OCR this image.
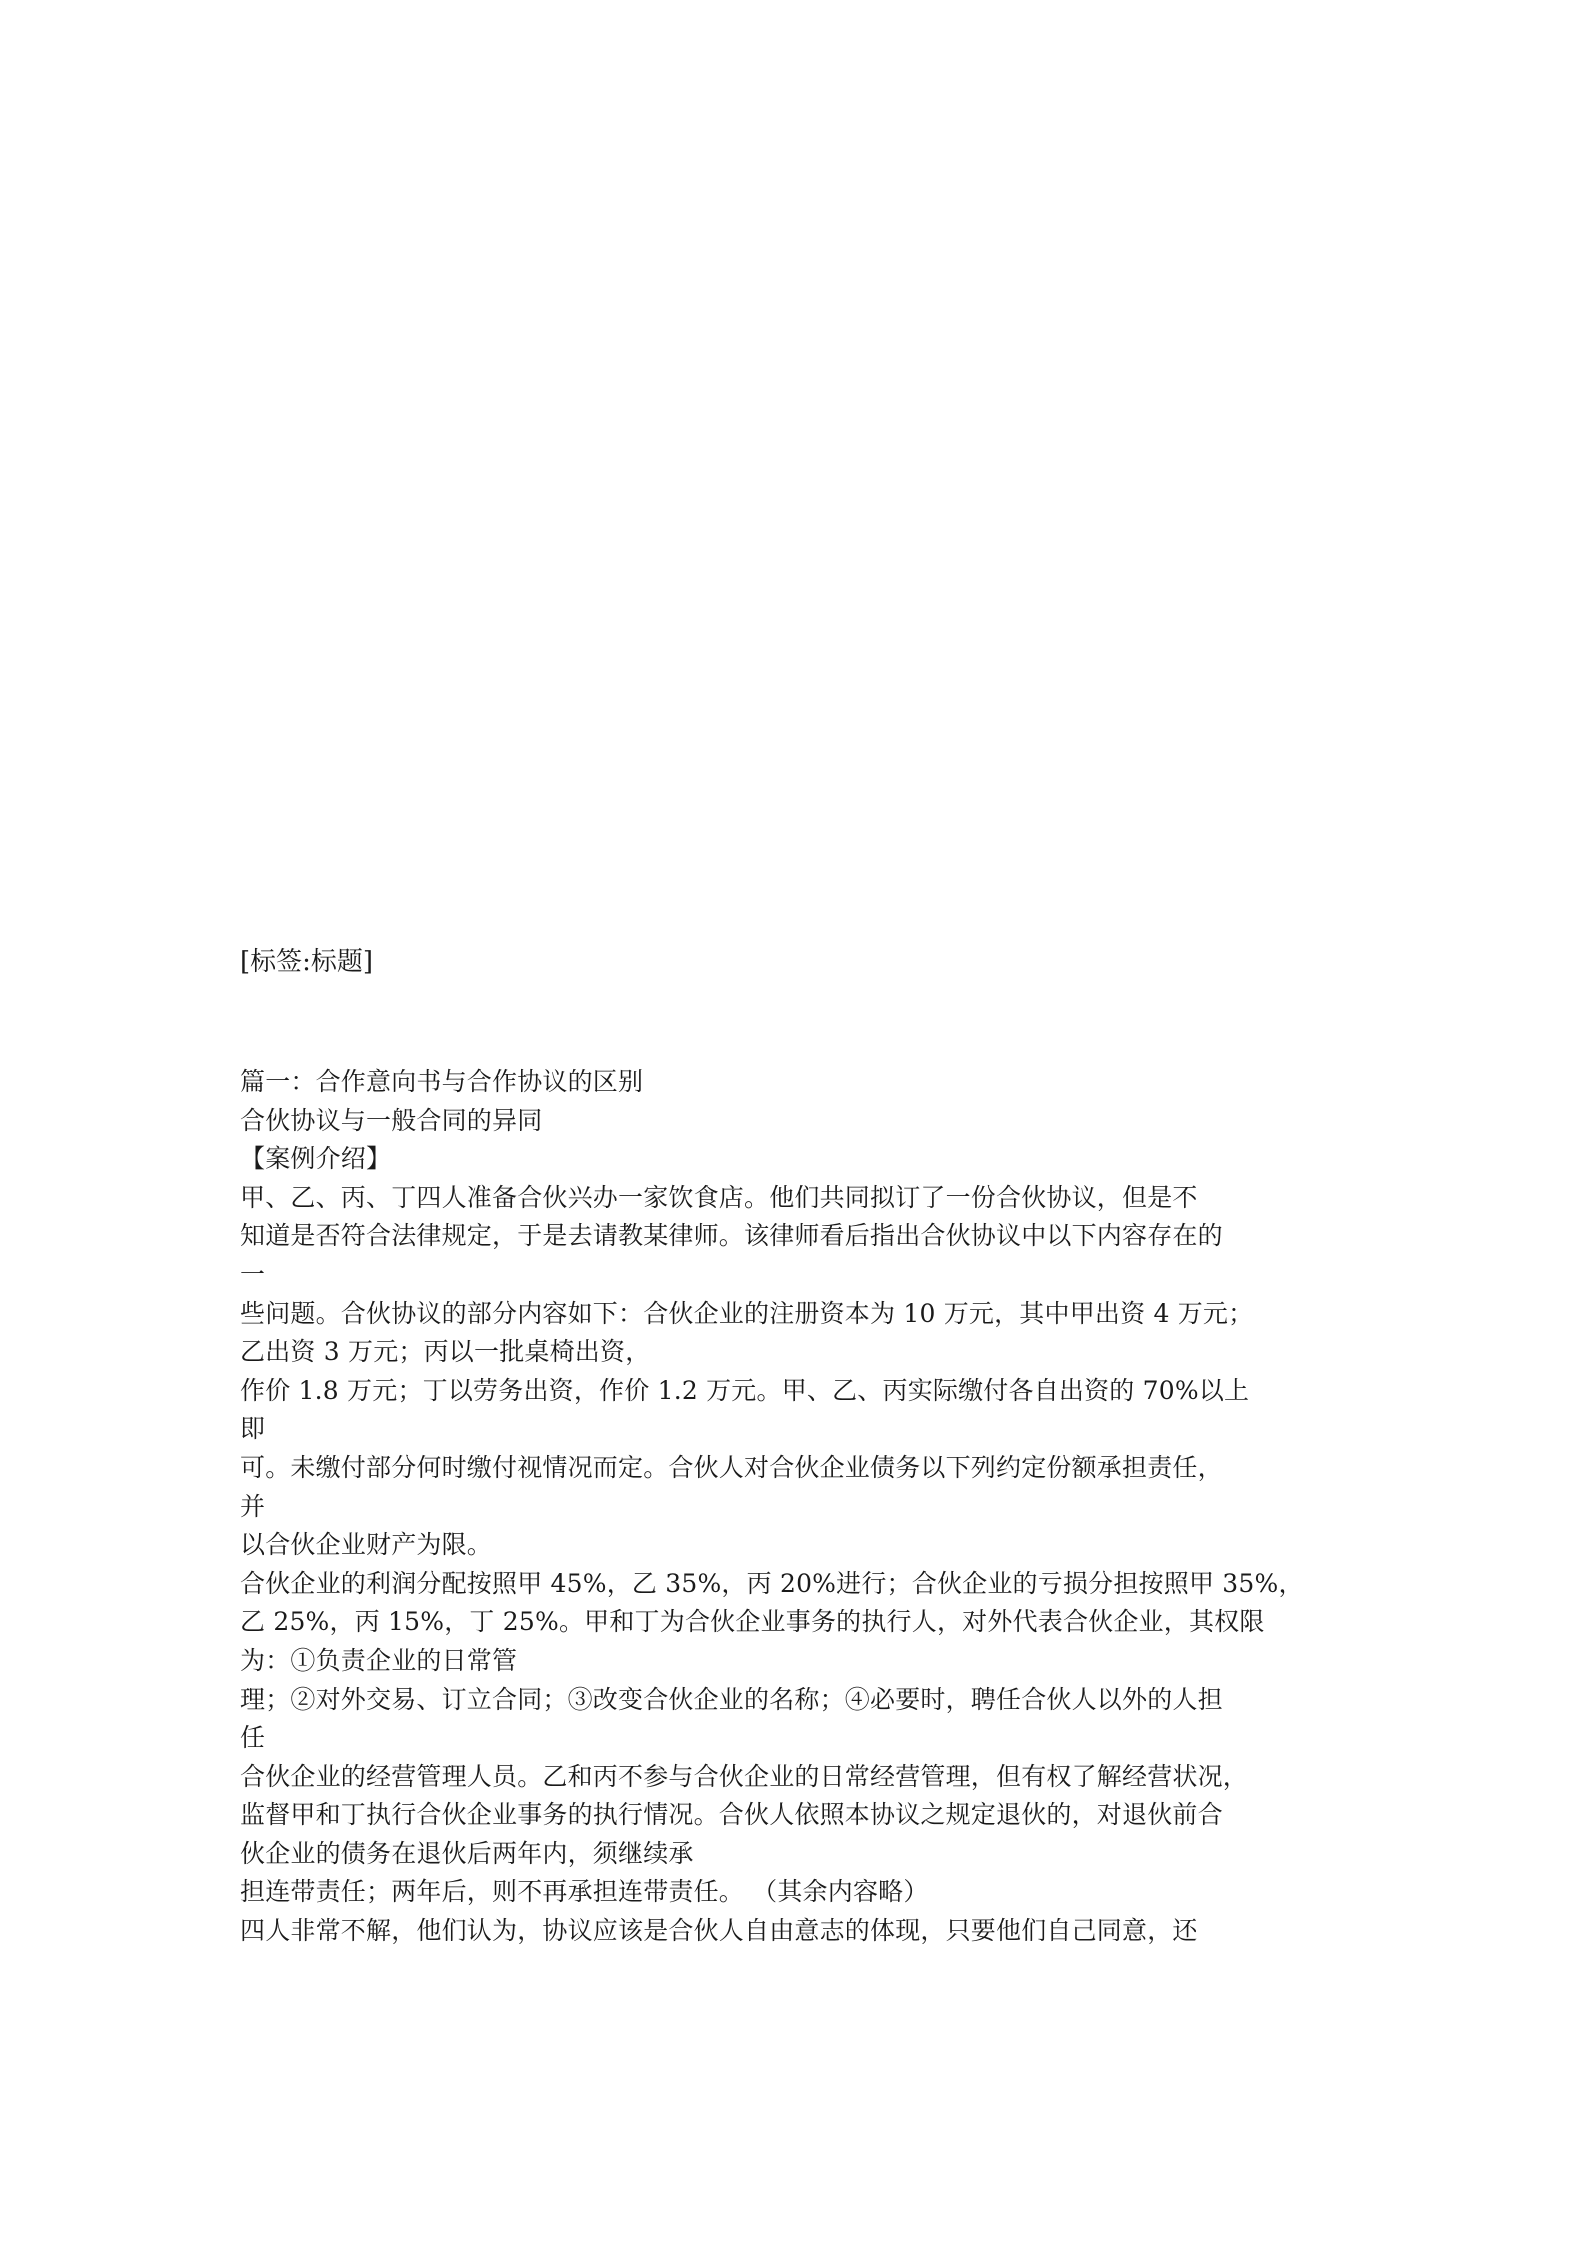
[标签:标题]
篇一：合作意向书与合作协议的区别
合伙协议与一般合同的异同
【案例介绍】
甲、乙、丙、丁四人准备合伙兴办一家饮食店。他们共同拟订了一份合伙协议，但是不
知道是否符合法律规定，于是去请教某律师。该律师看后指出合伙协议中以下内容存在的
一
些问题。合伙协议的部分内容如下：合伙企业的注册资本为 10 万元，其中甲出资 4 万元；
乙出资 3 万元；丙以一批桌椅出资，
作价 1.8 万元；丁以劳务出资，作价 1.2 万元。甲、乙、丙实际缴付各自出资的 70%以上
即
可。未缴付部分何时缴付视情况而定。合伙人对合伙企业债务以下列约定份额承担责任，
并
以合伙企业财产为限。
合伙企业的利润分配按照甲 45%，乙 35%，丙 20%进行；合伙企业的亏损分担按照甲 35%，
乙 25%，丙 15%，丁 25%。甲和丁为合伙企业事务的执行人，对外代表合伙企业，其权限
为：①负责企业的日常管
理；②对外交易、订立合同；③改变合伙企业的名称；④必要时，聘任合伙人以外的人担
任
合伙企业的经营管理人员。乙和丙不参与合伙企业的日常经营管理，但有权了解经营状况，
监督甲和丁执行合伙企业事务的执行情况。合伙人依照本协议之规定退伙的，对退伙前合
伙企业的债务在退伙后两年内，须继续承
担连带责任；两年后，则不再承担连带责任。 （其余内容略）
四人非常不解，他们认为，协议应该是合伙人自由意志的体现，只要他们自己同意，还
